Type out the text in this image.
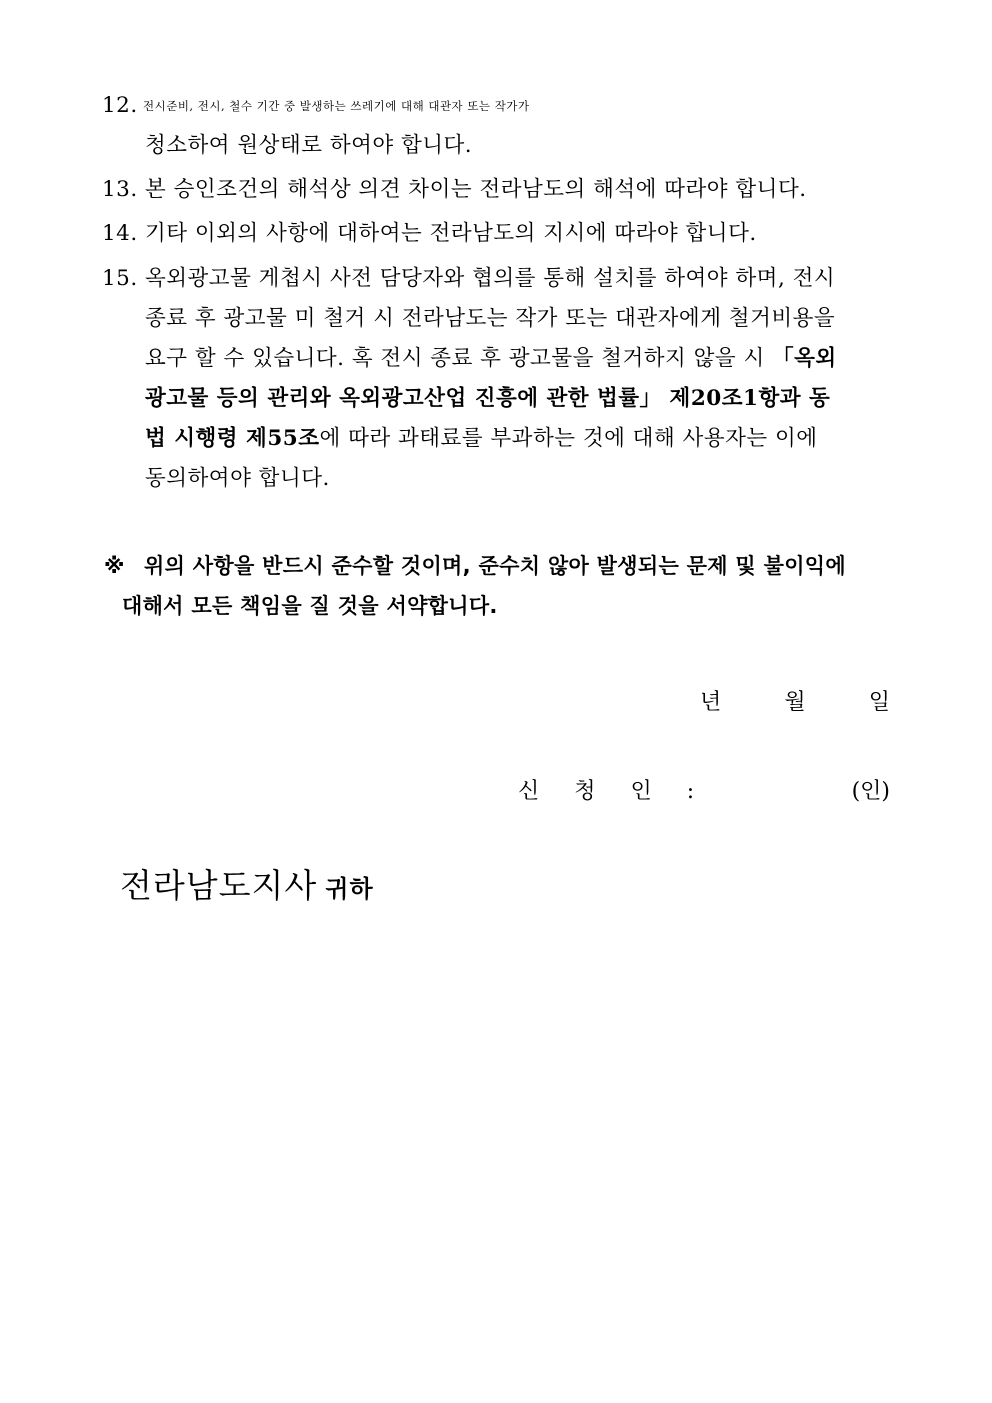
12. 전시준비, 전시, 철수 기간 중 발생하는 쓰레기에 대해 대관자 또는 작가가
청소하여 원상태로 하여야 합니다.
13. 본 승인조건의 해석상 의견 차이는 전라남도의 해석에 따라야 합니다.
14. 기타 이외의 사항에 대하여는 전라남도의 지시에 따라야 합니다.
15. 옥외광고물 게첩시 사전 담당자와 협의를 통해 설치를 하여야 하며, 전시
종료 후 광고물 미 철거 시 전라남도는 작가 또는 대관자에게 철거비용을
요구 할 수 있습니다. 혹 전시 종료 후 광고물을 철거하지 않을 시 「옥외
광고물 등의 관리와 옥외광고산업 진흥에 관한 법률」 제20조1항과 동
법 시행령 제55조에 따라 과태료를 부과하는 것에 대해 사용자는 이에
동의하여야 합니다.
※ 위의 사항을 반드시 준수할 것이며, 준수치 않아 발생되는 문제 및 불이익에
대해서 모든 책임을 질 것을 서약합니다.
년	월	일
신 청 인 :	(인)
전라남도지사 귀하
